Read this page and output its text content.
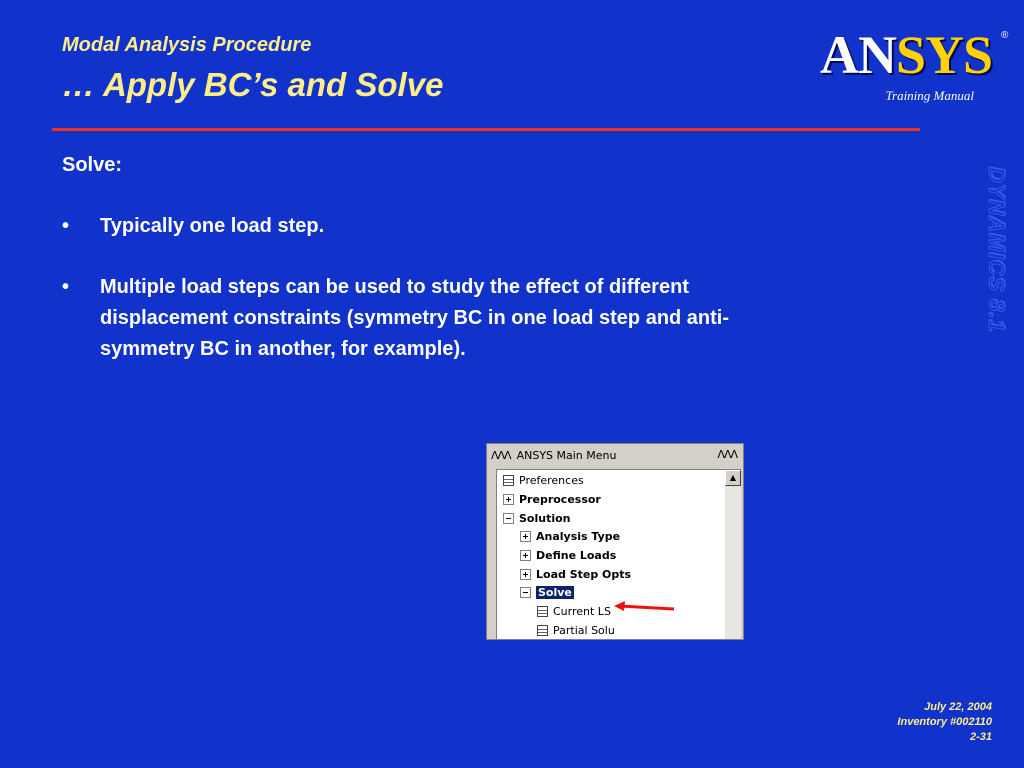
Modal Analysis Procedure
… Apply BC’s and Solve	ANSYS ®
Training Manual
DYNAMICS 8.1
Solve:
•	Typically one load step.
•	Multiple load steps can be used to study the effect of different displacement constraints (symmetry BC in one load step and anti-symmetry BC in another, for example).
ΛΛΛ ANSYS Main Menu	ΛΛΛ
Preferences
Preprocessor
Solution
Analysis Type
Define Loads
Load Step Opts
Solve
Current LS
Partial Solu
▲
July 22, 2004
Inventory #002110
2-31
